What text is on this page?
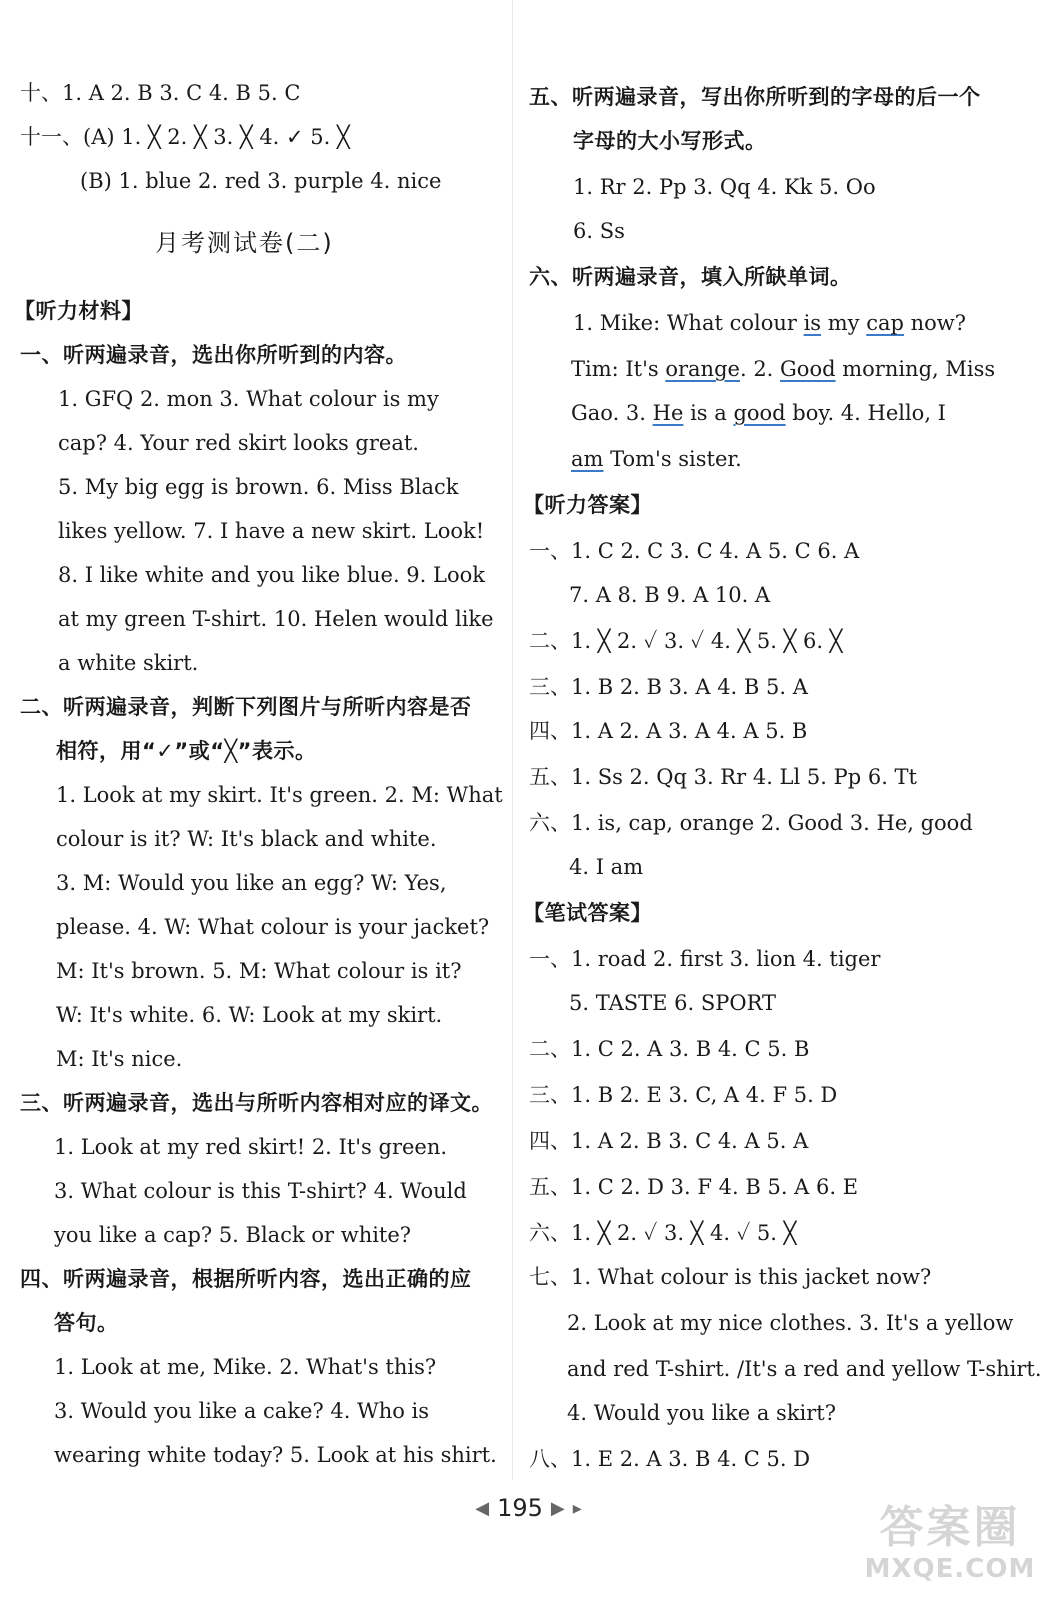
十、1. A 2. B 3. C 4. B 5. C
十一、(A) 1. ╳ 2. ╳ 3. ╳ 4. ✓ 5. ╳
(B) 1. blue 2. red 3. purple 4. nice
月考测试卷(二)
【听力材料】
一、听两遍录音，选出你所听到的内容。
1. GFQ 2. mon 3. What colour is my
cap? 4. Your red skirt looks great.
5. My big egg is brown. 6. Miss Black
likes yellow. 7. I have a new skirt. Look!
8. I like white and you like blue. 9. Look
at my green T-shirt. 10. Helen would like
a white skirt.
二、听两遍录音，判断下列图片与所听内容是否
相符，用“✓”或“╳”表示。
1. Look at my skirt. It's green. 2. M: What
colour is it? W: It's black and white.
3. M: Would you like an egg? W: Yes,
please. 4. W: What colour is your jacket?
M: It's brown. 5. M: What colour is it?
W: It's white. 6. W: Look at my skirt.
M: It's nice.
三、听两遍录音，选出与所听内容相对应的译文。
1. Look at my red skirt! 2. It's green.
3. What colour is this T-shirt? 4. Would
you like a cap? 5. Black or white?
四、听两遍录音，根据所听内容，选出正确的应
答句。
1. Look at me, Mike. 2. What's this?
3. Would you like a cake? 4. Who is
wearing white today? 5. Look at his shirt.
五、听两遍录音，写出你所听到的字母的后一个
字母的大小写形式。
1. Rr 2. Pp 3. Qq 4. Kk 5. Oo
6. Ss
六、听两遍录音，填入所缺单词。
1. Mike: What colour is my cap now?
Tim: It's orange. 2. Good morning, Miss
Gao. 3. He is a good boy. 4. Hello, I
am Tom's sister.
【听力答案】
一、1. C 2. C 3. C 4. A 5. C 6. A
7. A 8. B 9. A 10. A
二、1. ╳ 2. ✓ 3. ✓ 4. ╳ 5. ╳ 6. ╳
三、1. B 2. B 3. A 4. B 5. A
四、1. A 2. A 3. A 4. A 5. B
五、1. Ss 2. Qq 3. Rr 4. Ll 5. Pp 6. Tt
六、1. is, cap, orange 2. Good 3. He, good
4. I am
【笔试答案】
一、1. road 2. first 3. lion 4. tiger
5. TASTE 6. SPORT
二、1. C 2. A 3. B 4. C 5. B
三、1. B 2. E 3. C, A 4. F 5. D
四、1. A 2. B 3. C 4. A 5. A
五、1. C 2. D 3. F 4. B 5. A 6. E
六、1. ╳ 2. ✓ 3. ╳ 4. ✓ 5. ╳
七、1. What colour is this jacket now?
2. Look at my nice clothes. 3. It's a yellow
and red T-shirt. /It's a red and yellow T-shirt.
4. Would you like a skirt?
八、1. E 2. A 3. B 4. C 5. D
◀ 195 ▶ ▸	答案圈
MXQE.COM
